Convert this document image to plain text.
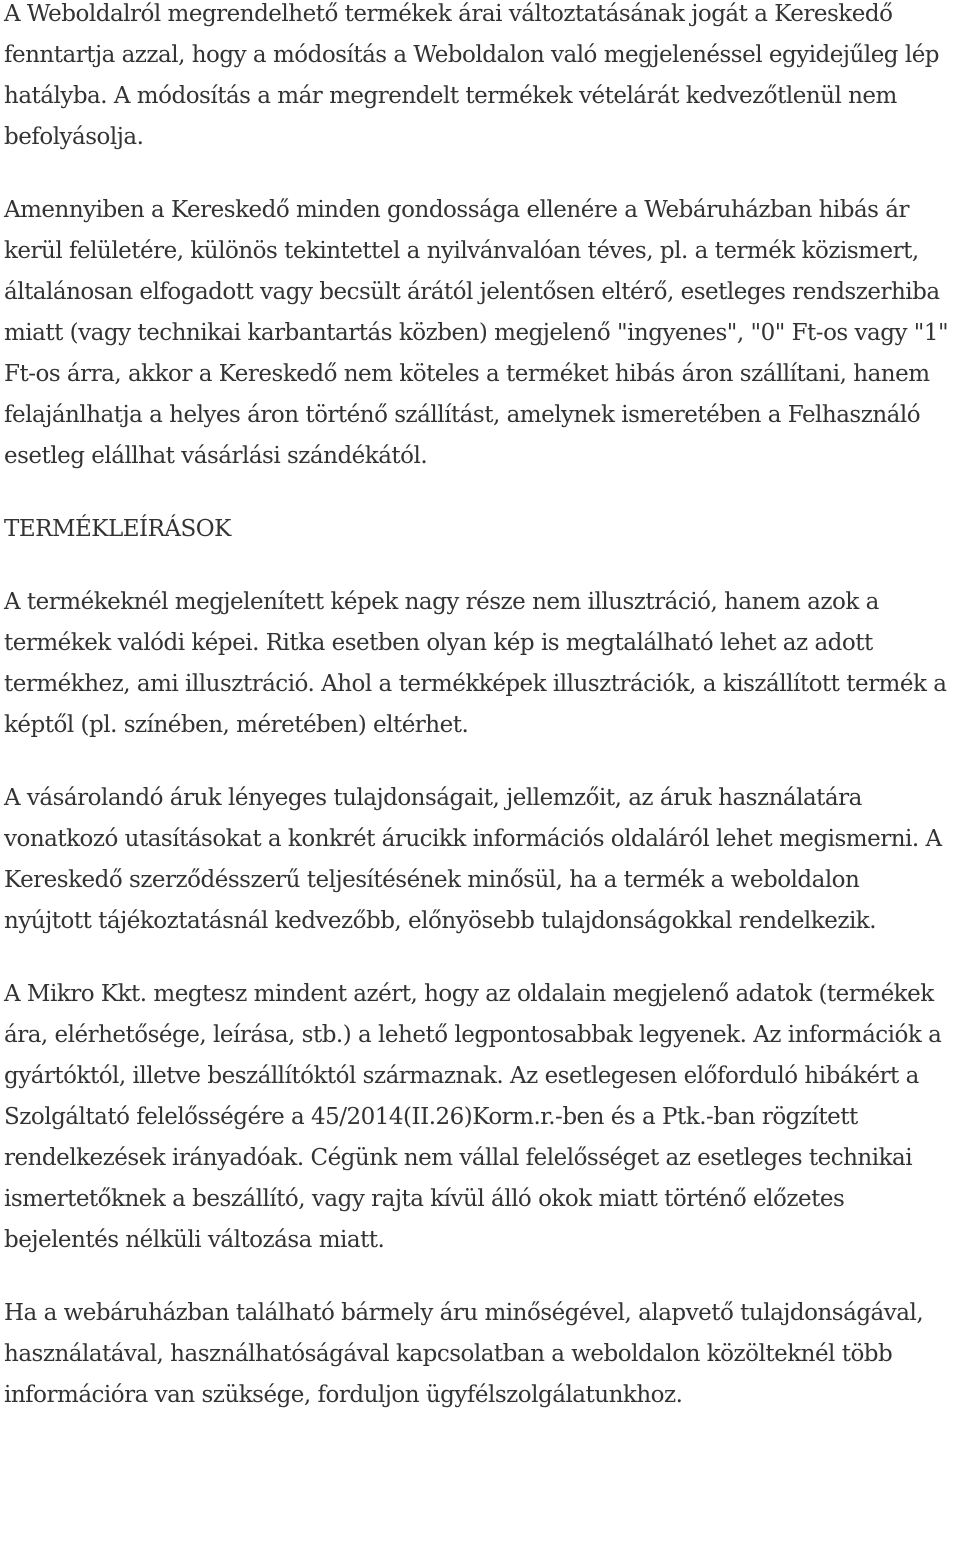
A Weboldalról megrendelhető termékek árai változtatásának jogát a Kereskedő fenntartja azzal, hogy a módosítás a Weboldalon való megjelenéssel egyidejűleg lép hatályba. A módosítás a már megrendelt termékek vételárát kedvezőtlenül nem befolyásolja.

Amennyiben a Kereskedő minden gondossága ellenére a Webáruházban hibás ár kerül felületére, különös tekintettel a nyilvánvalóan téves, pl. a termék közismert, általánosan elfogadott vagy becsült árától jelentősen eltérő, esetleges rendszerhiba miatt (vagy technikai karbantartás közben) megjelenő "ingyenes", "0" Ft-os vagy "1" Ft-os árra, akkor a Kereskedő nem köteles a terméket hibás áron szállítani, hanem felajánlhatja a helyes áron történő szállítást, amelynek ismeretében a Felhasználó esetleg elállhat vásárlási szándékától.

TERMÉKLEÍRÁSOK

A termékeknél megjelenített képek nagy része nem illusztráció, hanem azok a termékek valódi képei. Ritka esetben olyan kép is megtalálható lehet az adott termékhez, ami illusztráció. Ahol a termékképek illusztrációk, a kiszállított termék a képtől (pl. színében, méretében) eltérhet.

A vásárolandó áruk lényeges tulajdonságait, jellemzőit, az áruk használatára vonatkozó utasításokat a konkrét árucikk információs oldaláról lehet megismerni. A Kereskedő szerződésszerű teljesítésének minősül, ha a termék a weboldalon nyújtott tájékoztatásnál kedvezőbb, előnyösebb tulajdonságokkal rendelkezik.

A Mikro Kkt. megtesz mindent azért, hogy az oldalain megjelenő adatok (termékek ára, elérhetősége, leírása, stb.) a lehető legpontosabbak legyenek. Az információk a gyártóktól, illetve beszállítóktól származnak. Az esetlegesen előforduló hibákért a Szolgáltató felelősségére a 45/2014(II.26)Korm.r.-ben és a Ptk.-ban rögzített rendelkezések irányadóak. Cégünk nem vállal felelősséget az esetleges technikai ismertetőknek a beszállító, vagy rajta kívül álló okok miatt történő előzetes bejelentés nélküli változása miatt.

Ha a webáruházban található bármely áru minőségével, alapvető tulajdonságával, használatával, használhatóságával kapcsolatban a weboldalon közölteknél több információra van szüksége, forduljon ügyfélszolgálatunkhoz.
